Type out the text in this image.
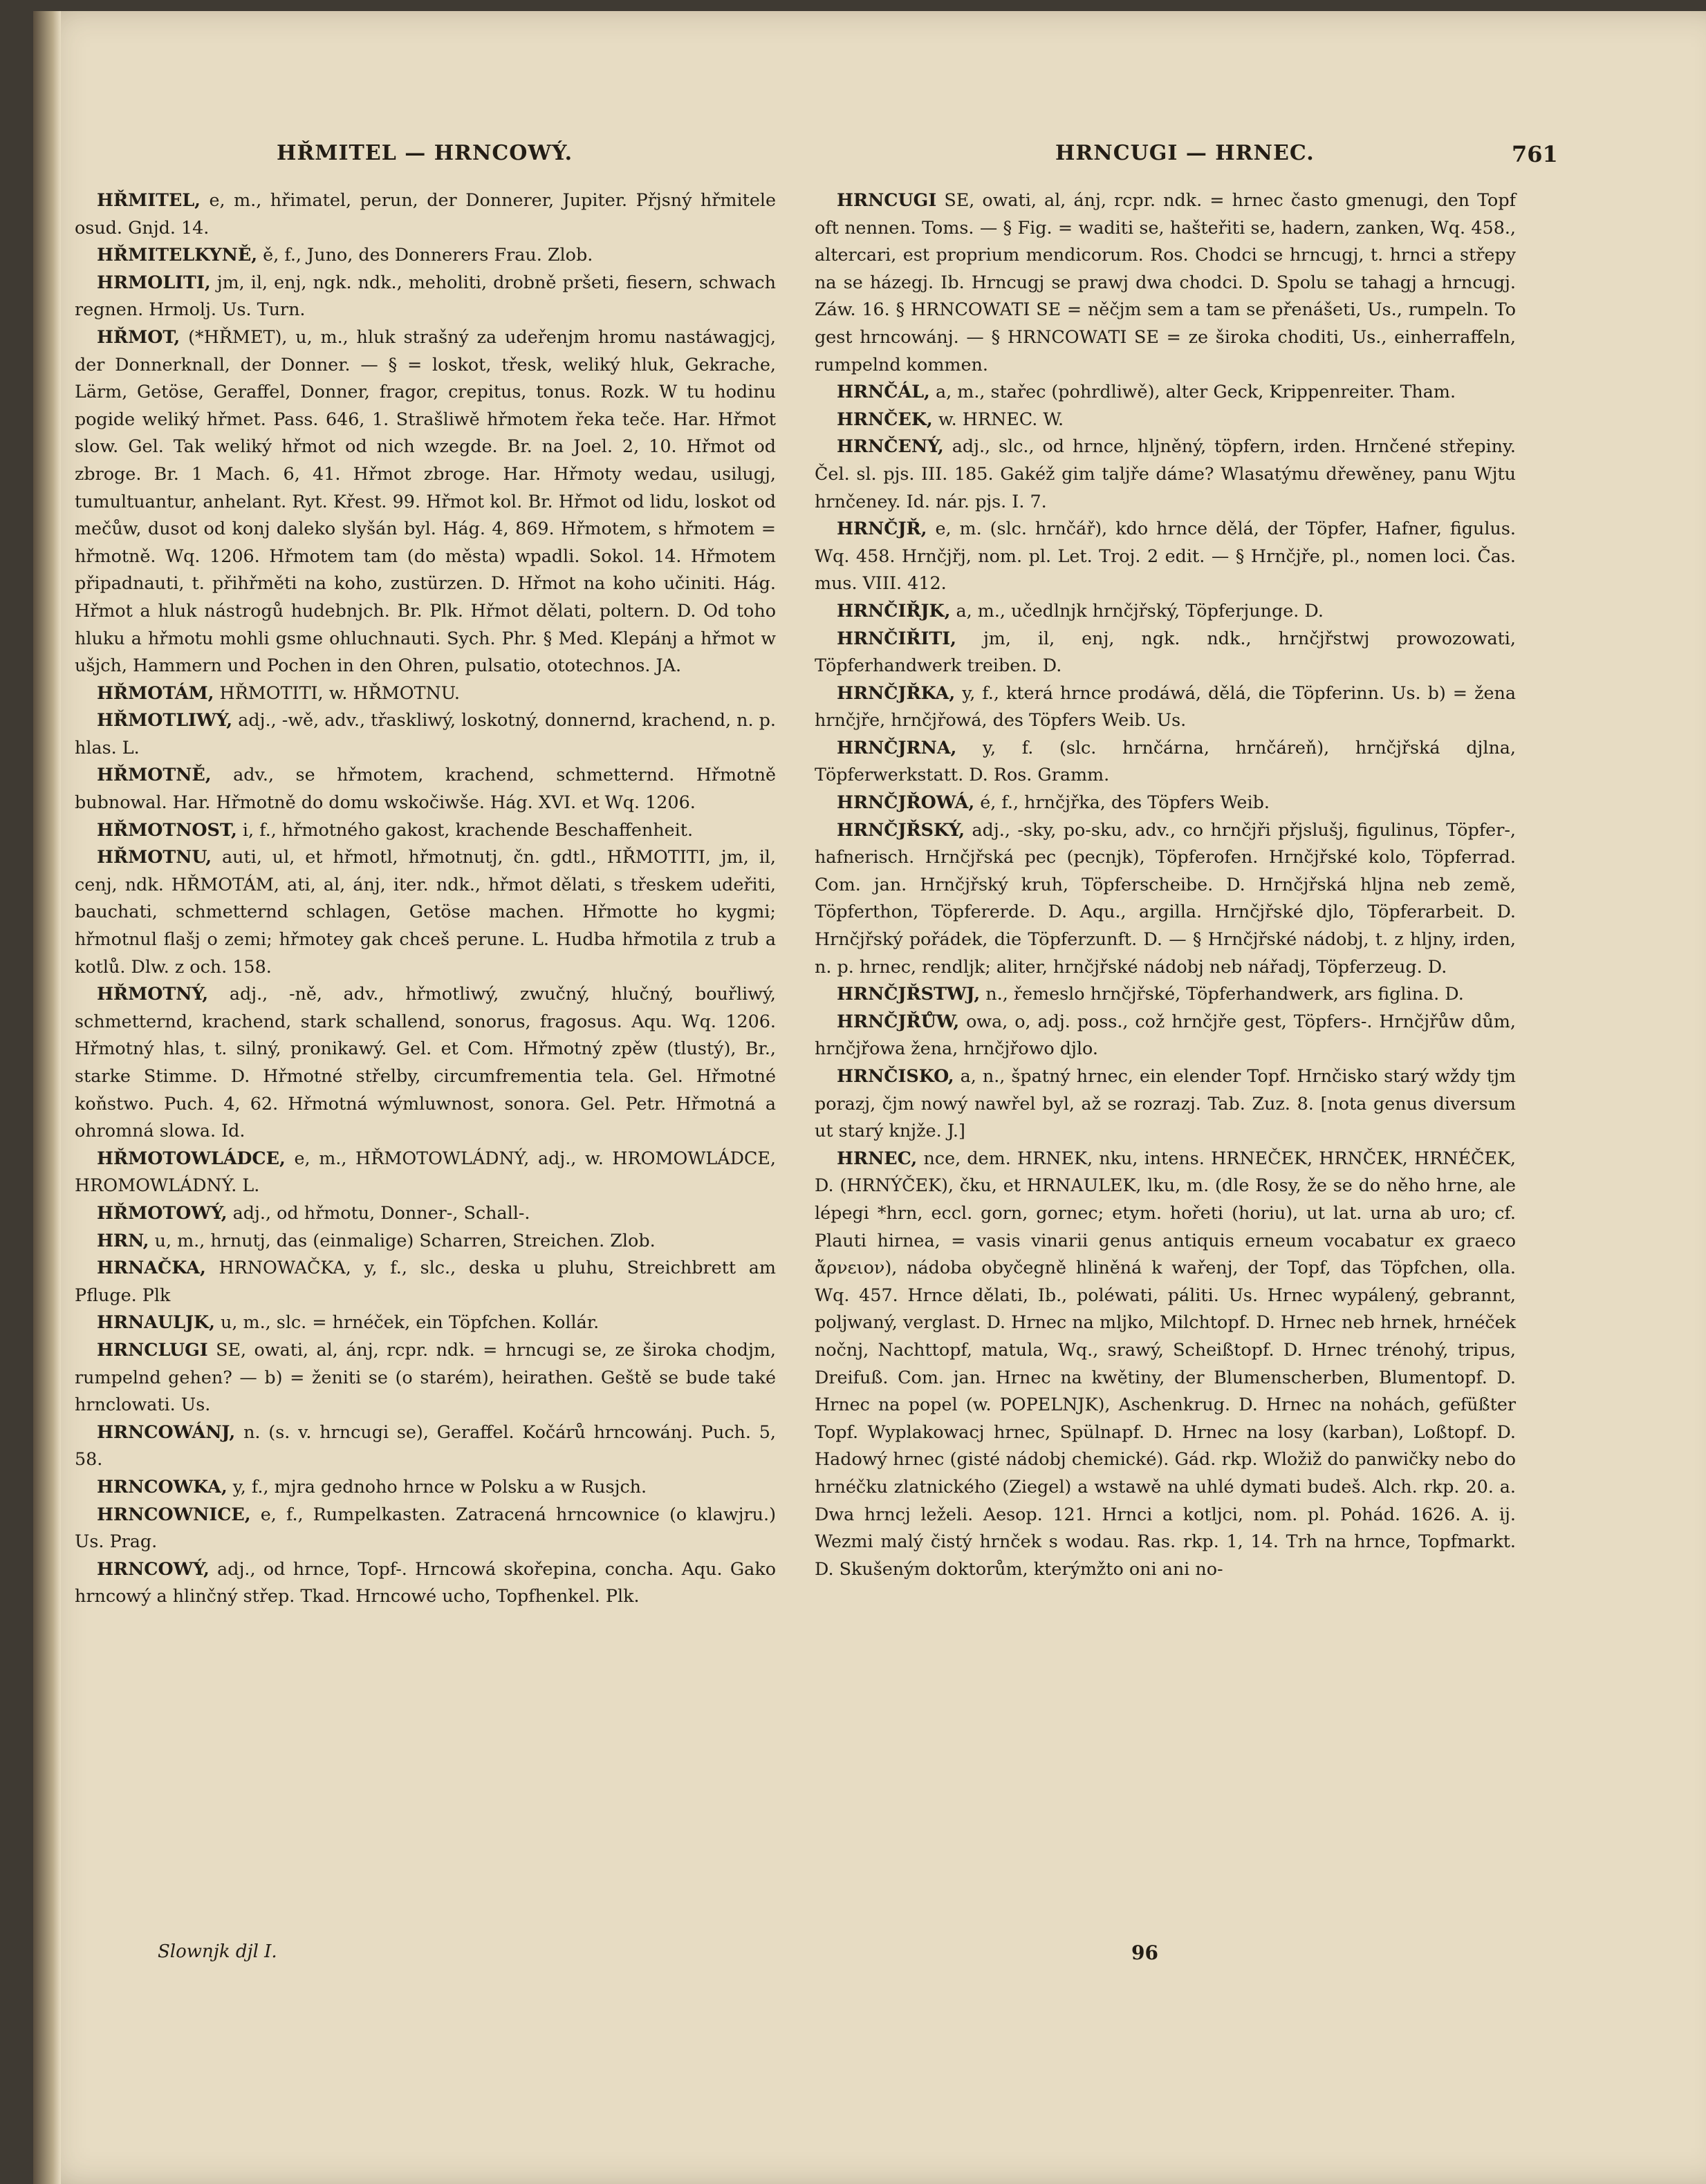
HŘMITEL — HRNCOWÝ.	HRNCUGI — HRNEC.	761

HŘMITEL, e, m., hřimatel, perun, der Donnerer, Jupiter. Přjsný hřmitele osud. Gnjd. 14.

HŘMITELKYNĚ, ě, f., Juno, des Donnerers Frau. Zlob.

HRMOLITI, jm, il, enj, ngk. ndk., meholiti, drobně pršeti, fiesern, schwach regnen. Hrmolj. Us. Turn.

HŘMOT, (*HŘMET), u, m., hluk strašný za udeřenjm hromu nastáwagjcj, der Donnerknall, der Donner. — § = loskot, třesk, weliký hluk, Gekrache, Lärm, Getöse, Geraffel, Donner, fragor, crepitus, tonus. Rozk. W tu hodinu pogide weliký hřmet. Pass. 646, 1. Strašliwě hřmotem řeka teče. Har. Hřmot slow. Gel. Tak weliký hřmot od nich wzegde. Br. na Joel. 2, 10. Hřmot od zbroge. Br. 1 Mach. 6, 41. Hřmot zbroge. Har. Hřmoty wedau, usilugj, tumultuantur, anhelant. Ryt. Křest. 99. Hřmot kol. Br. Hřmot od lidu, loskot od mečůw, dusot od konj daleko slyšán byl. Hág. 4, 869. Hřmotem, s hřmotem = hřmotně. Wq. 1206. Hřmotem tam (do města) wpadli. Sokol. 14. Hřmotem připadnauti, t. přihřměti na koho, zustürzen. D. Hřmot na koho učiniti. Hág. Hřmot a hluk nástrogů hudebnjch. Br. Plk. Hřmot dělati, poltern. D. Od toho hluku a hřmotu mohli gsme ohluchnauti. Sych. Phr. § Med. Klepánj a hřmot w ušjch, Hammern und Pochen in den Ohren, pulsatio, ototechnos. JA.

HŘMOTÁM, HŘMOTITI, w. HŘMOTNU.

HŘMOTLIWÝ, adj., -wě, adv., třaskliwý, loskotný, donnernd, krachend, n. p. hlas. L.

HŘMOTNĚ, adv., se hřmotem, krachend, schmetternd. Hřmotně bubnowal. Har. Hřmotně do domu wskočiwše. Hág. XVI. et Wq. 1206.

HŘMOTNOST, i, f., hřmotného gakost, krachende Beschaffenheit.

HŘMOTNU, auti, ul, et hřmotl, hřmotnutj, čn. gdtl., HŘMOTITI, jm, il, cenj, ndk. HŘMOTÁM, ati, al, ánj, iter. ndk., hřmot dělati, s třeskem udeřiti, bauchati, schmetternd schlagen, Getöse machen. Hřmotte ho kygmi; hřmotnul flašj o zemi; hřmotey gak chceš perune. L. Hudba hřmotila z trub a kotlů. Dlw. z och. 158.

HŘMOTNÝ, adj., -ně, adv., hřmotliwý, zwučný, hlučný, bouřliwý, schmetternd, krachend, stark schallend, sonorus, fragosus. Aqu. Wq. 1206. Hřmotný hlas, t. silný, pronikawý. Gel. et Com. Hřmotný zpěw (tlustý), Br., starke Stimme. D. Hřmotné střelby, circumfrementia tela. Gel. Hřmotné koňstwo. Puch. 4, 62. Hřmotná wýmluwnost, sonora. Gel. Petr. Hřmotná a ohromná slowa. Id.

HŘMOTOWLÁDCE, e, m., HŘMOTOWLÁDNÝ, adj., w. HROMOWLÁDCE, HROMOWLÁDNÝ. L.

HŘMOTOWÝ, adj., od hřmotu, Donner-, Schall-.

HRN, u, m., hrnutj, das (einmalige) Scharren, Streichen. Zlob.

HRNAČKA, HRNOWAČKA, y, f., slc., deska u pluhu, Streichbrett am Pfluge. Plk

HRNAULJK, u, m., slc. = hrnéček, ein Töpfchen. Kollár.

HRNCLUGI SE, owati, al, ánj, rcpr. ndk. = hrncugi se, ze široka chodjm, rumpelnd gehen? — b) = ženiti se (o starém), heirathen. Geště se bude také hrnclowati. Us.

HRNCOWÁNJ, n. (s. v. hrncugi se), Geraffel. Kočárů hrncowánj. Puch. 5, 58.

HRNCOWKA, y, f., mjra gednoho hrnce w Polsku a w Rusjch.

HRNCOWNICE, e, f., Rumpelkasten. Zatracená hrncownice (o klawjru.) Us. Prag.

HRNCOWÝ, adj., od hrnce, Topf-. Hrncowá skořepina, concha. Aqu. Gako hrncowý a hlinčný střep. Tkad. Hrncowé ucho, Topfhenkel. Plk.

HRNCUGI SE, owati, al, ánj, rcpr. ndk. = hrnec často gmenugi, den Topf oft nennen. Toms. — § Fig. = waditi se, hašteřiti se, hadern, zanken, Wq. 458., altercari, est proprium mendicorum. Ros. Chodci se hrncugj, t. hrnci a střepy na se házegj. Ib. Hrncugj se prawj dwa chodci. D. Spolu se tahagj a hrncugj. Záw. 16. § HRNCOWATI SE = něčjm sem a tam se přenášeti, Us., rumpeln. To gest hrncowánj. — § HRNCOWATI SE = ze široka choditi, Us., einherraffeln, rumpelnd kommen.

HRNČÁL, a, m., stařec (pohrdliwě), alter Geck, Krippenreiter. Tham.

HRNČEK, w. HRNEC. W.

HRNČENÝ, adj., slc., od hrnce, hljněný, töpfern, irden. Hrnčené střepiny. Čel. sl. pjs. III. 185. Gakéž gim taljře dáme? Wlasatýmu dřewěney, panu Wjtu hrnčeney. Id. nár. pjs. I. 7.

HRNČJŘ, e, m. (slc. hrnčář), kdo hrnce dělá, der Töpfer, Hafner, figulus. Wq. 458. Hrnčjřj, nom. pl. Let. Troj. 2 edit. — § Hrnčjře, pl., nomen loci. Čas. mus. VIII. 412.

HRNČIŘJK, a, m., učedlnjk hrnčjřský, Töpferjunge. D.

HRNČIŘITI, jm, il, enj, ngk. ndk., hrnčjřstwj prowozowati, Töpferhandwerk treiben. D.

HRNČJŘKA, y, f., která hrnce prodáwá, dělá, die Töpferinn. Us. b) = žena hrnčjře, hrnčjřowá, des Töpfers Weib. Us.

HRNČJRNA, y, f. (slc. hrnčárna, hrnčáreň), hrnčjřská djlna, Töpferwerkstatt. D. Ros. Gramm.

HRNČJŘOWÁ, é, f., hrnčjřka, des Töpfers Weib.

HRNČJŘSKÝ, adj., -sky, po-sku, adv., co hrnčjři přjslušj, figulinus, Töpfer-, hafnerisch. Hrnčjřská pec (pecnjk), Töpferofen. Hrnčjřské kolo, Töpferrad. Com. jan. Hrnčjřský kruh, Töpferscheibe. D. Hrnčjřská hljna neb země, Töpferthon, Töpfererde. D. Aqu., argilla. Hrnčjřské djlo, Töpferarbeit. D. Hrnčjřský pořádek, die Töpferzunft. D. — § Hrnčjřské nádobj, t. z hljny, irden, n. p. hrnec, rendljk; aliter, hrnčjřské nádobj neb nářadj, Töpferzeug. D.

HRNČJŘSTWJ, n., řemeslo hrnčjřské, Töpferhandwerk, ars figlina. D.

HRNČJŘŮW, owa, o, adj. poss., což hrnčjře gest, Töpfers-. Hrnčjřůw dům, hrnčjřowa žena, hrnčjřowo djlo.

HRNČISKO, a, n., špatný hrnec, ein elender Topf. Hrnčisko starý wždy tjm porazj, čjm nowý nawřel byl, až se rozrazj. Tab. Zuz. 8. [nota genus diversum ut starý knjže. J.]

HRNEC, nce, dem. HRNEK, nku, intens. HRNEČEK, HRNČEK, HRNÉČEK, D. (HRNÝČEK), čku, et HRNAULEK, lku, m. (dle Rosy, že se do něho hrne, ale lépegi *hrn, eccl. gorn, gornec; etym. hořeti (horiu), ut lat. urna ab uro; cf. Plauti hirnea, = vasis vinarii genus antiquis erneum vocabatur ex graeco ἄρνειον), nádoba obyčegně hliněná k wařenj, der Topf, das Töpfchen, olla. Wq. 457. Hrnce dělati, Ib., poléwati, páliti. Us. Hrnec wypálený, gebrannt, poljwaný, verglast. D. Hrnec na mljko, Milchtopf. D. Hrnec neb hrnek, hrnéček nočnj, Nachttopf, matula, Wq., srawý, Scheißtopf. D. Hrnec trénohý, tripus, Dreifuß. Com. jan. Hrnec na kwětiny, der Blumenscherben, Blumentopf. D. Hrnec na popel (w. POPELNJK), Aschenkrug. D. Hrnec na nohách, gefüßter Topf. Wyplakowacj hrnec, Spülnapf. D. Hrnec na losy (karban), Loßtopf. D. Hadowý hrnec (gisté nádobj chemické). Gád. rkp. Wložiž do panwičky nebo do hrnéčku zlatnického (Ziegel) a wstawě na uhlé dymati budeš. Alch. rkp. 20. a. Dwa hrncj leželi. Aesop. 121. Hrnci a kotljci, nom. pl. Pohád. 1626. A. ij. Wezmi malý čistý hrnček s wodau. Ras. rkp. 1, 14. Trh na hrnce, Topfmarkt. D. Skušeným doktorům, kterýmžto oni ani no-

Slownjk djl I.	96
